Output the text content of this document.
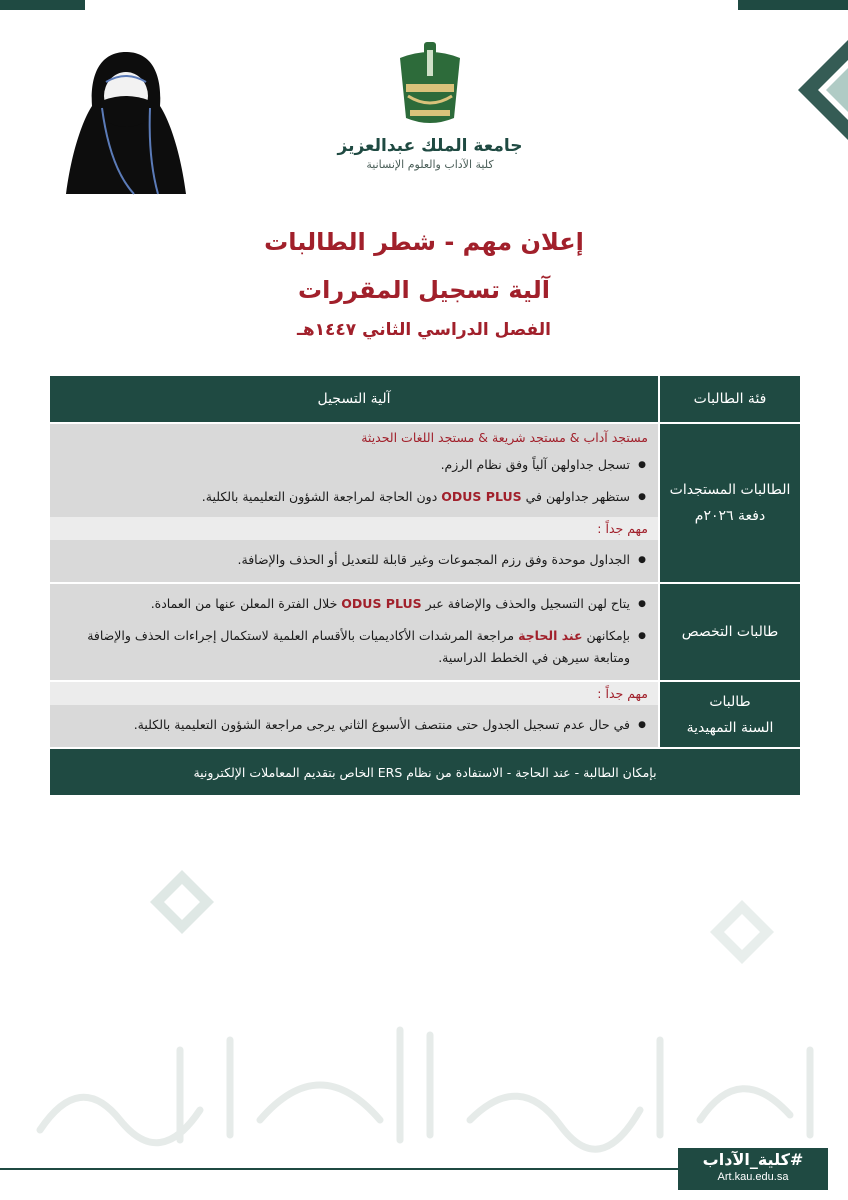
جامعة الملك عبدالعزيز
كلية الآداب والعلوم الإنسانية
إعلان مهم - شطر الطالبات
آلية تسجيل المقررات
الفصل الدراسي الثاني ١٤٤٧هـ
فئة الطالبات
آلية التسجيل
الطالبات المستجدات
دفعة ٢٠٢٦م
مستجد آداب & مستجد شريعة & مستجد اللغات الحديثة
● تسجل جداولهن آلياً وفق نظام الرزم.
● ستظهر جداولهن في ODUS PLUS دون الحاجة لمراجعة الشؤون التعليمية بالكلية.
مهم جداً :
● الجداول موحدة وفق رزم المجموعات وغير قابلة للتعديل أو الحذف والإضافة.
طالبات التخصص
● يتاح لهن التسجيل والحذف والإضافة عبر ODUS PLUS خلال الفترة المعلن عنها من العمادة.
● بإمكانهن عند الحاجة مراجعة المرشدات الأكاديميات بالأقسام العلمية لاستكمال إجراءات الحذف والإضافة ومتابعة سيرهن في الخطط الدراسية.
طالبات
السنة التمهيدية
مهم جداً :
● في حال عدم تسجيل الجدول حتى منتصف الأسبوع الثاني يرجى مراجعة الشؤون التعليمية بالكلية.
بإمكان الطالبة - عند الحاجة - الاستفادة من نظام ERS الخاص بتقديم المعاملات الإلكترونية
#كلية_الآداب
Art.kau.edu.sa
